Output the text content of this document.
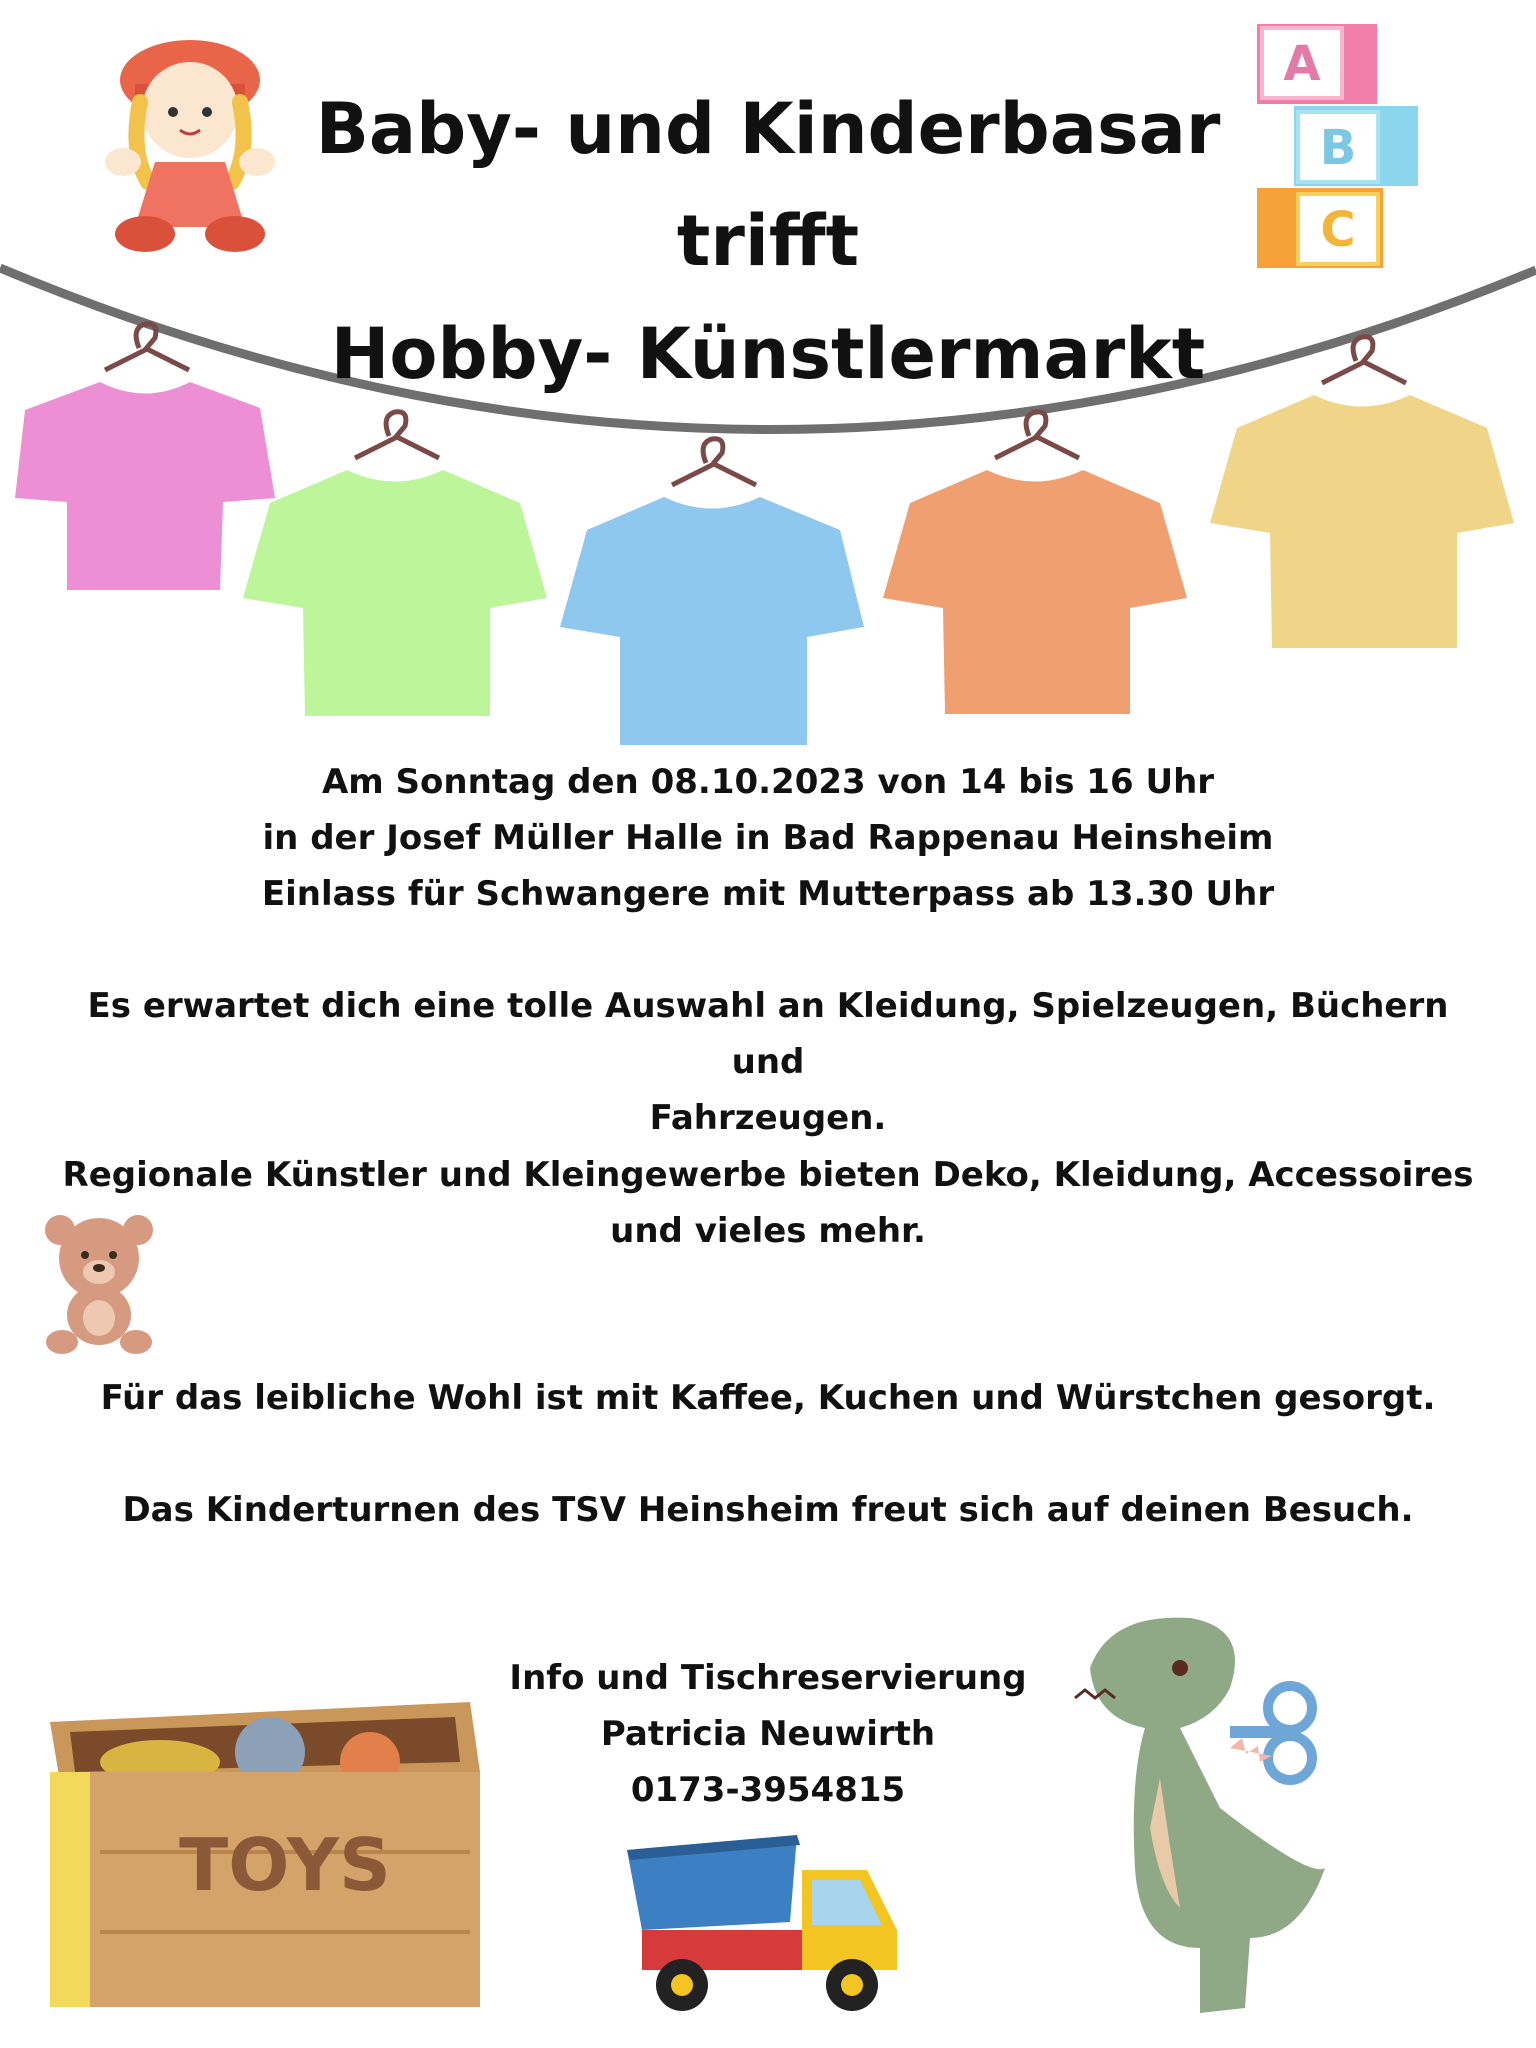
A
B
C
TOYS
Baby- und Kinderbasar
trifft
Hobby- Künstlermarkt

Am Sonntag den 08.10.2023 von 14 bis 16 Uhr
in der Josef Müller Halle in Bad Rappenau Heinsheim
Einlass für Schwangere mit Mutterpass ab 13.30 Uhr

Es erwartet dich eine tolle Auswahl an Kleidung, Spielzeugen, Büchern und
Fahrzeugen.

Regionale Künstler und Kleingewerbe bieten Deko, Kleidung, Accessoires
und vieles mehr.

Für das leibliche Wohl ist mit Kaffee, Kuchen und Würstchen gesorgt.

Das Kinderturnen des TSV Heinsheim freut sich auf deinen Besuch.

Info und Tischreservierung
Patricia Neuwirth
0173-3954815
